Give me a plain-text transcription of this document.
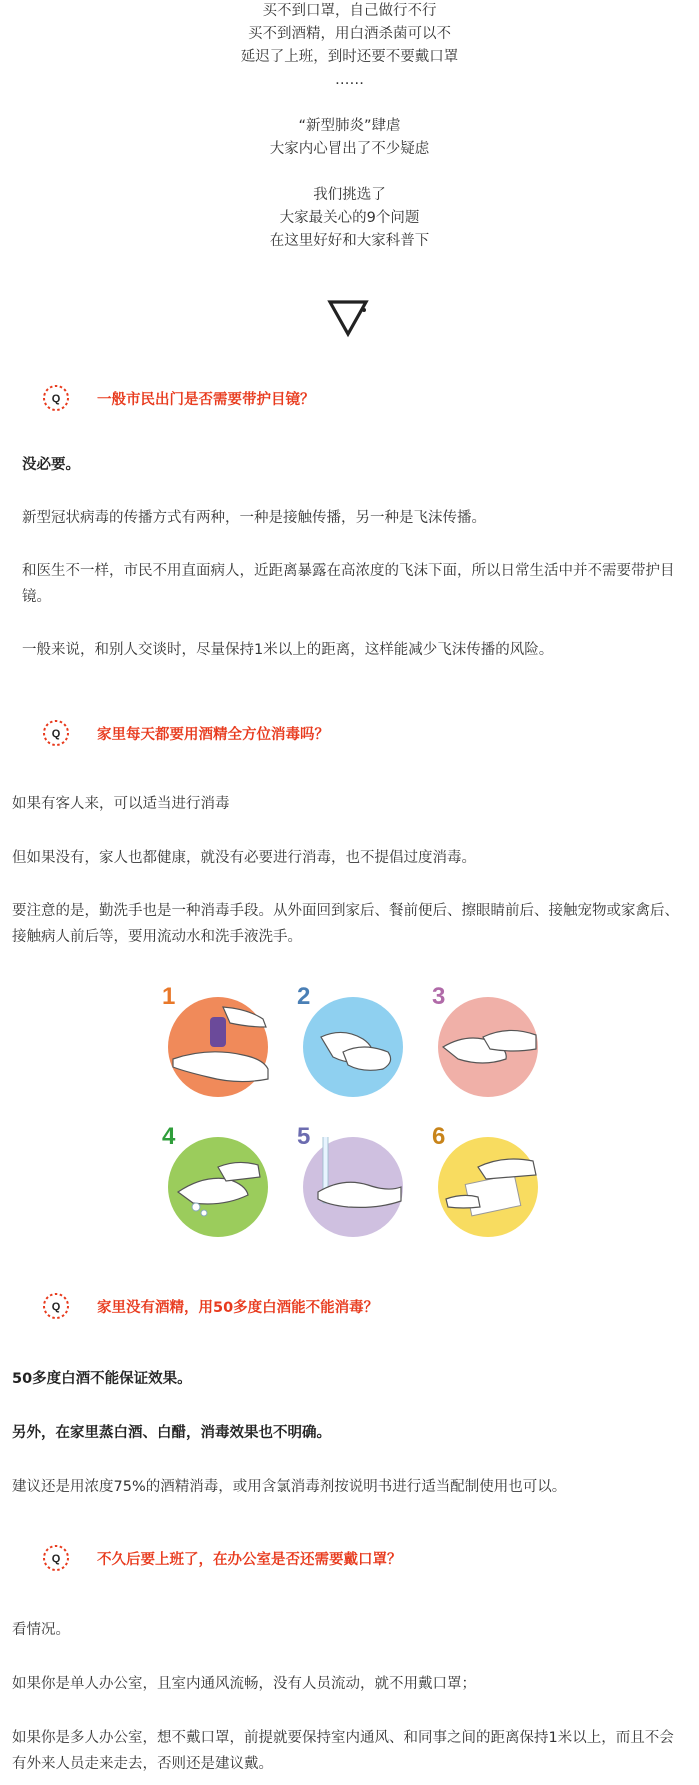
买不到口罩，自己做行不行
买不到酒精，用白酒杀菌可以不
延迟了上班，到时还要不要戴口罩
……
“新型肺炎”肆虐
大家内心冒出了不少疑虑
我们挑选了
大家最关心的9个问题
在这里好好和大家科普下
Q	一般市民出门是否需要带护目镜？
没必要。
新型冠状病毒的传播方式有两种，一种是接触传播，另一种是飞沫传播。
和医生不一样，市民不用直面病人，近距离暴露在高浓度的飞沫下面，所以日常生活中并不需要带护目镜。
一般来说，和别人交谈时，尽量保持1米以上的距离，这样能减少飞沫传播的风险。
Q	家里每天都要用酒精全方位消毒吗？
如果有客人来，可以适当进行消毒
但如果没有，家人也都健康，就没有必要进行消毒，也不提倡过度消毒。
要注意的是，勤洗手也是一种消毒手段。从外面回到家后、餐前便后、擦眼睛前后、接触宠物或家禽后、接触病人前后等，要用流动水和洗手液洗手。
1	2	3
4	5	6
Q	家里没有酒精，用50多度白酒能不能消毒？
50多度白酒不能保证效果。
另外，在家里蒸白酒、白醋，消毒效果也不明确。
建议还是用浓度75%的酒精消毒，或用含氯消毒剂按说明书进行适当配制使用也可以。
Q	不久后要上班了，在办公室是否还需要戴口罩？
看情况。
如果你是单人办公室，且室内通风流畅，没有人员流动，就不用戴口罩；
如果你是多人办公室，想不戴口罩，前提就要保持室内通风、和同事之间的距离保持1米以上，而且不会有外来人员走来走去，否则还是建议戴。
